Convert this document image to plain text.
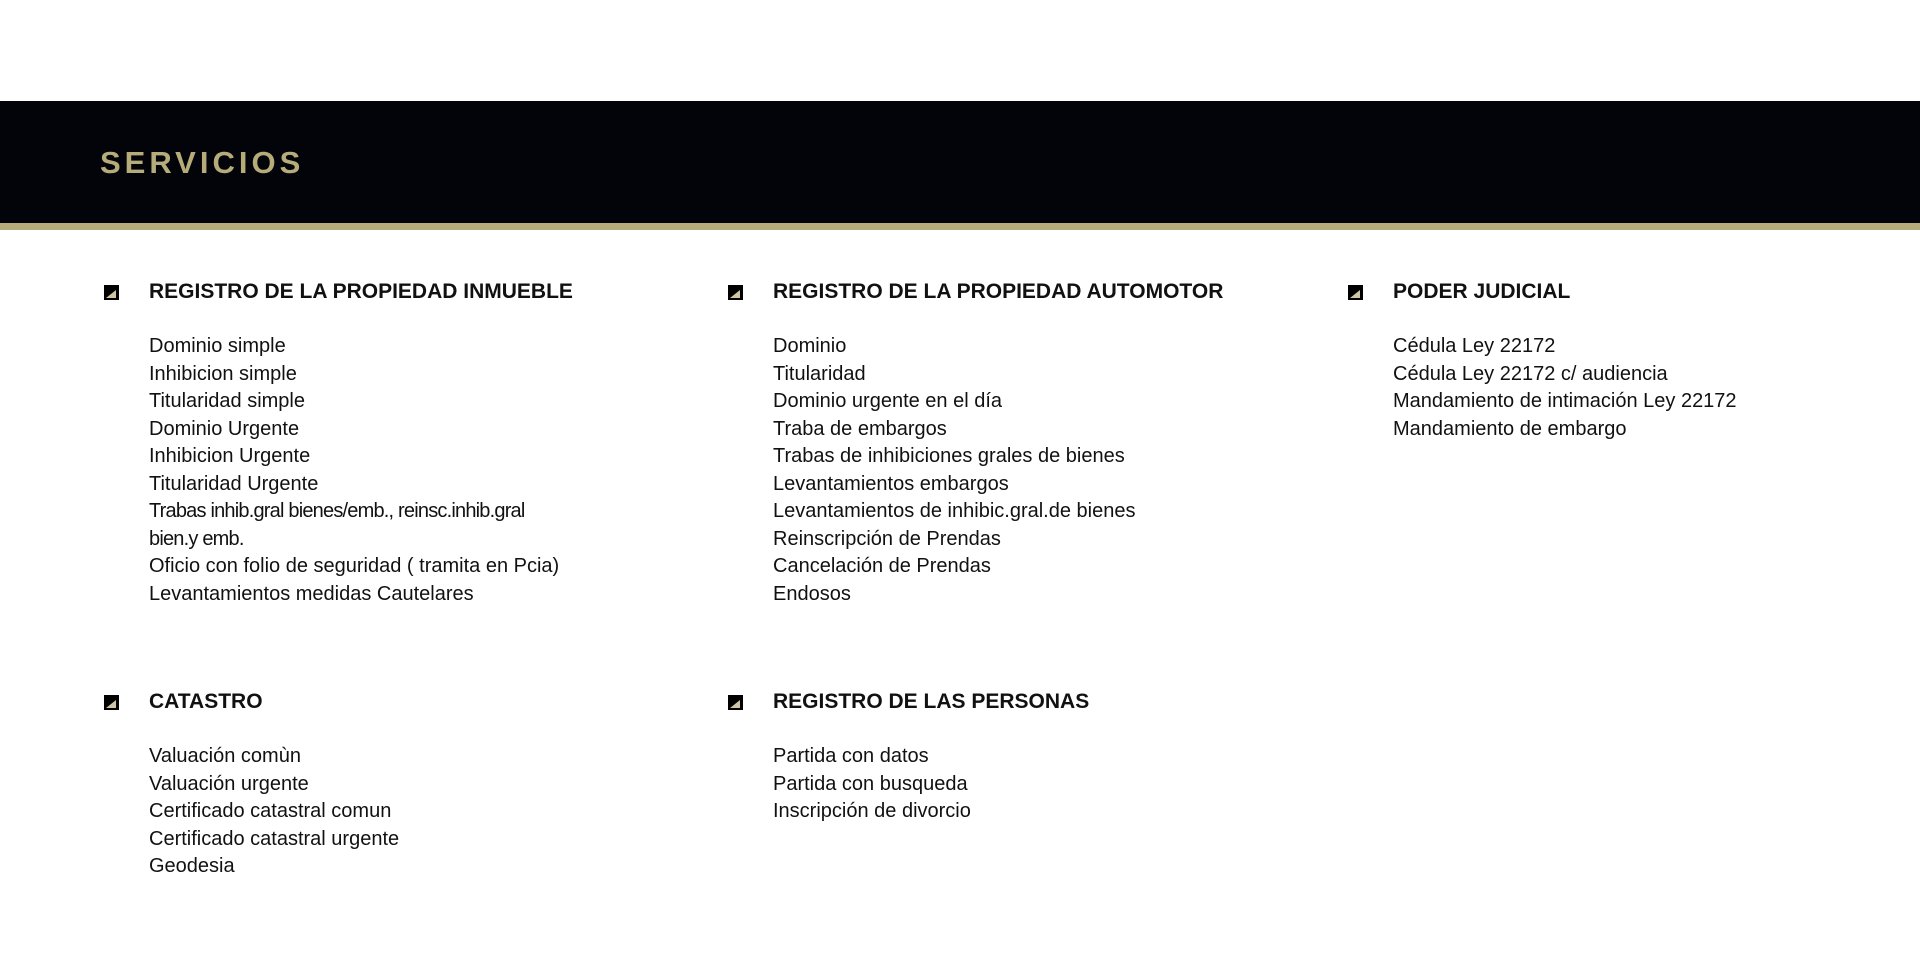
SERVICIOS
REGISTRO DE LA PROPIEDAD INMUEBLE
Dominio simple
Inhibicion simple
Titularidad simple
Dominio Urgente
Inhibicion Urgente
Titularidad Urgente
Trabas inhib.gral bienes/emb., reinsc.inhib.gral bien.y emb.
Oficio con folio de seguridad ( tramita en Pcia)
Levantamientos medidas Cautelares
REGISTRO DE LA PROPIEDAD AUTOMOTOR
Dominio
Titularidad
Dominio urgente en el día
Traba de embargos
Trabas de inhibiciones grales de bienes
Levantamientos embargos
Levantamientos de inhibic.gral.de bienes
Reinscripción de Prendas
Cancelación de Prendas
Endosos
PODER JUDICIAL
Cédula Ley 22172
Cédula Ley 22172 c/ audiencia
Mandamiento de intimación Ley 22172
Mandamiento de embargo
CATASTRO
Valuación comùn
Valuación urgente
Certificado catastral comun
Certificado catastral urgente
Geodesia
REGISTRO DE LAS PERSONAS
Partida con datos
Partida con busqueda
Inscripción de divorcio
